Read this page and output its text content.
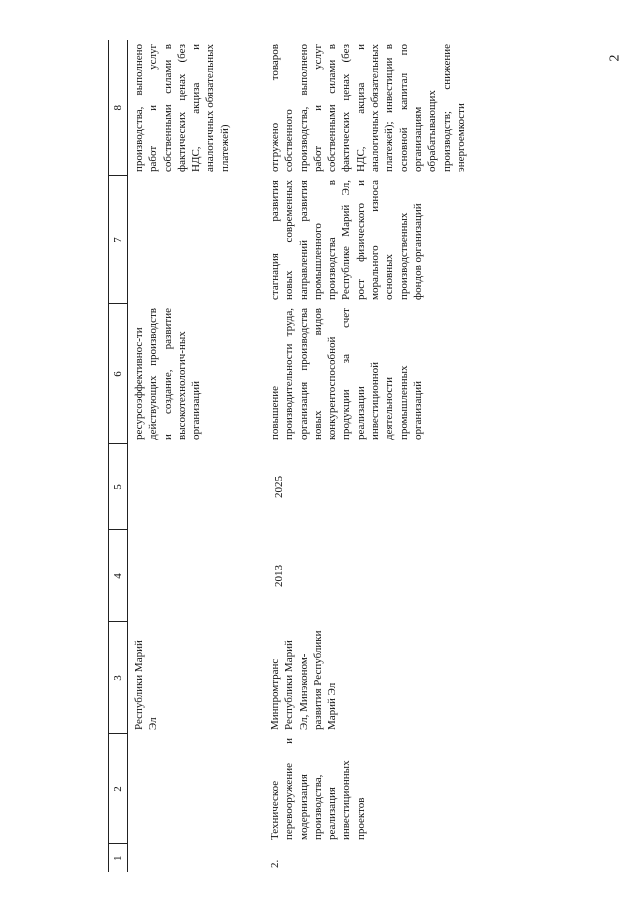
2
1	2	3	4	5	6	7	8
		Республики Марий Эл			ресурсоэффективнос-ти действующих производств и создание, развитие высокотехнологич-ных организаций		производства, выполнено работ и услуг собственными силами в фактических ценах (без НДС, акциза и аналогичных обязательных платежей)
2.	Техническое перевооружение и модернизация производства, реализация инвестиционных проектов	Минпромтранс Республики Марий Эл, Минэконом-развития Республики Марий Эл	2013	2025	повышение производительности труда, организация производства новых видов конкурентоспособной продукции за счет реализации инвестиционной деятельности промышленных организаций	стагнация развития новых современных направлений развития промышленного производства в Республике Марий Эл, рост физического и морального износа основных производственных фондов организаций	отгружено товаров собственного производства, выполнено работ и услуг собственными силами в фактических ценах (без НДС, акциза и аналогичных обязательных платежей); инвестиции в основной капитал по организациям обрабатывающих производств; снижение энергоемкости
